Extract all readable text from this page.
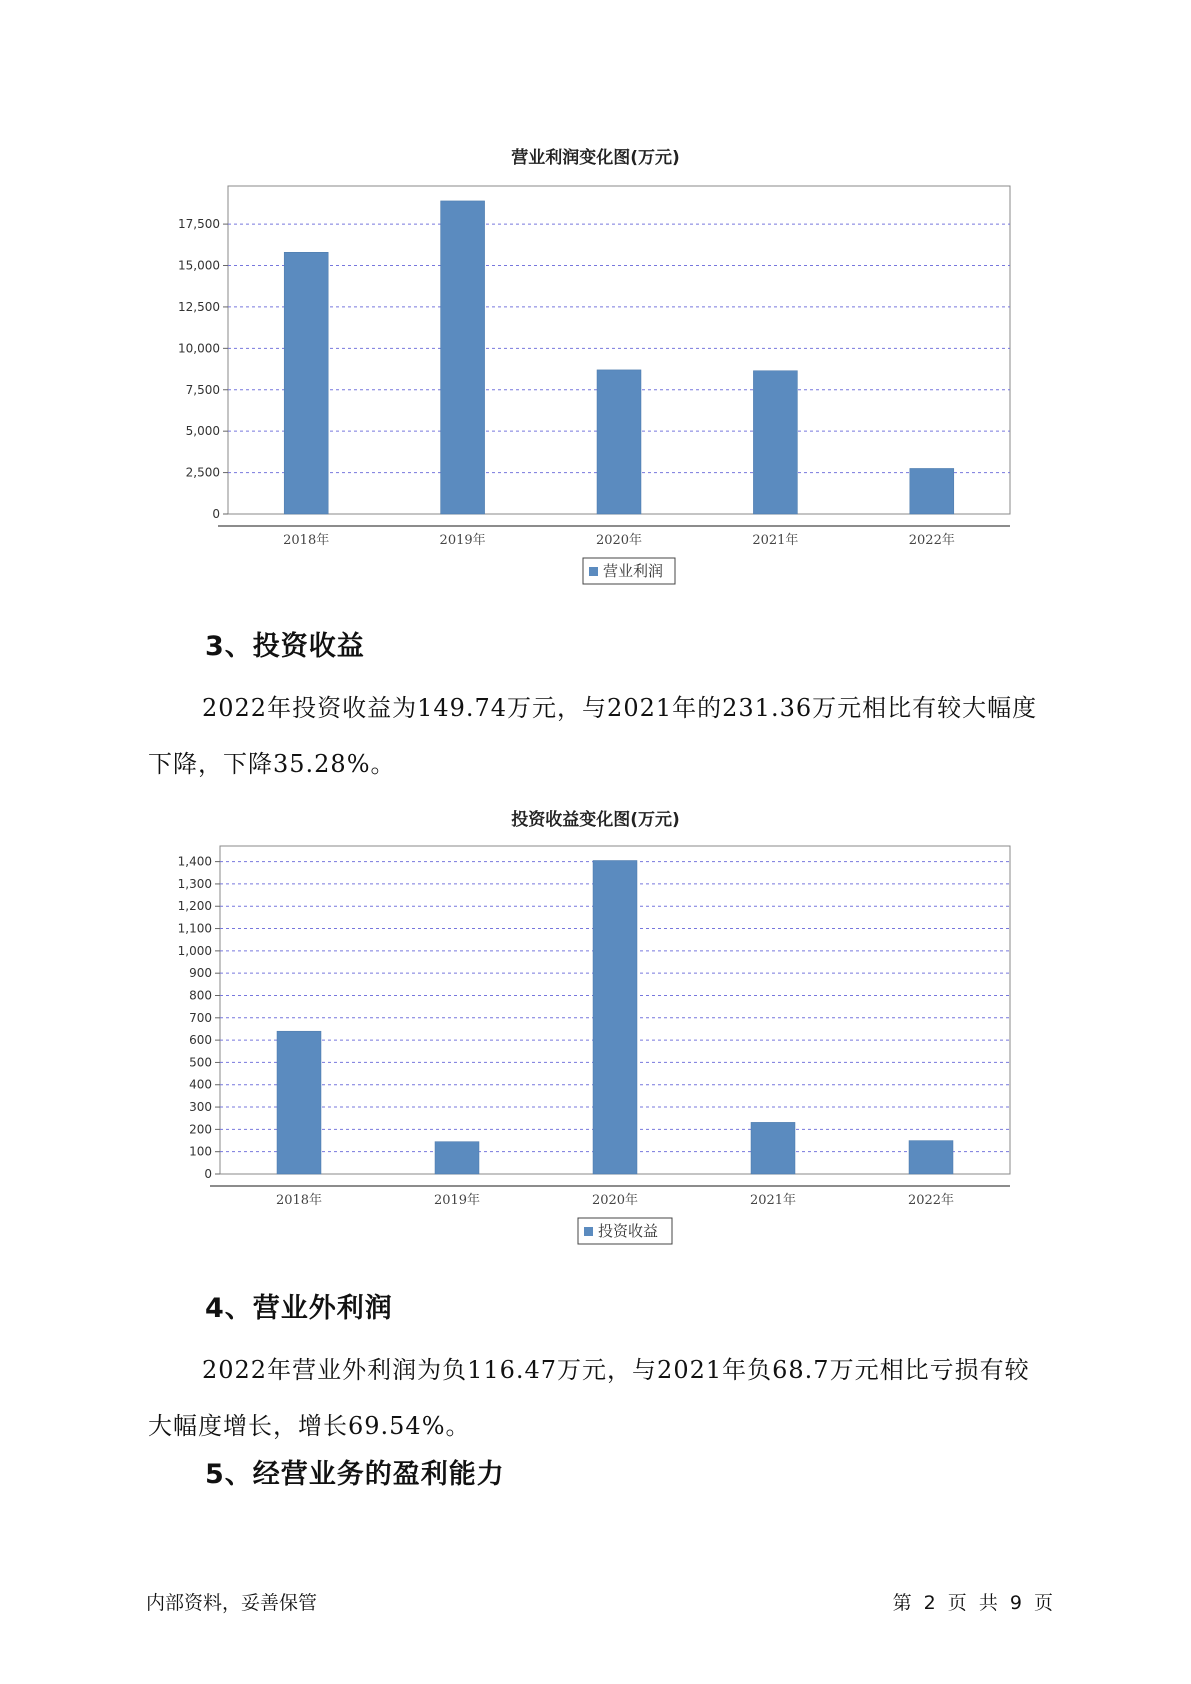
营业利润变化图(万元)
0
2,500
5,000
7,500
10,000
12,500
15,000
17,500
2018年	2019年	2020年	2021年	2022年
营业利润
3、投资收益
2022年投资收益为149.74万元，与2021年的231.36万元相比有较大幅度下降，下降35.28%。
投资收益变化图(万元)
0
100
200
300
400
500
600
700
800
900
1,000
1,100
1,200
1,300
1,400
2018年	2019年	2020年	2021年	2022年
投资收益
4、营业外利润
2022年营业外利润为负116.47万元，与2021年负68.7万元相比亏损有较大幅度增长，增长69.54%。
5、经营业务的盈利能力
内部资料，妥善保管	第 2 页 共 9 页
